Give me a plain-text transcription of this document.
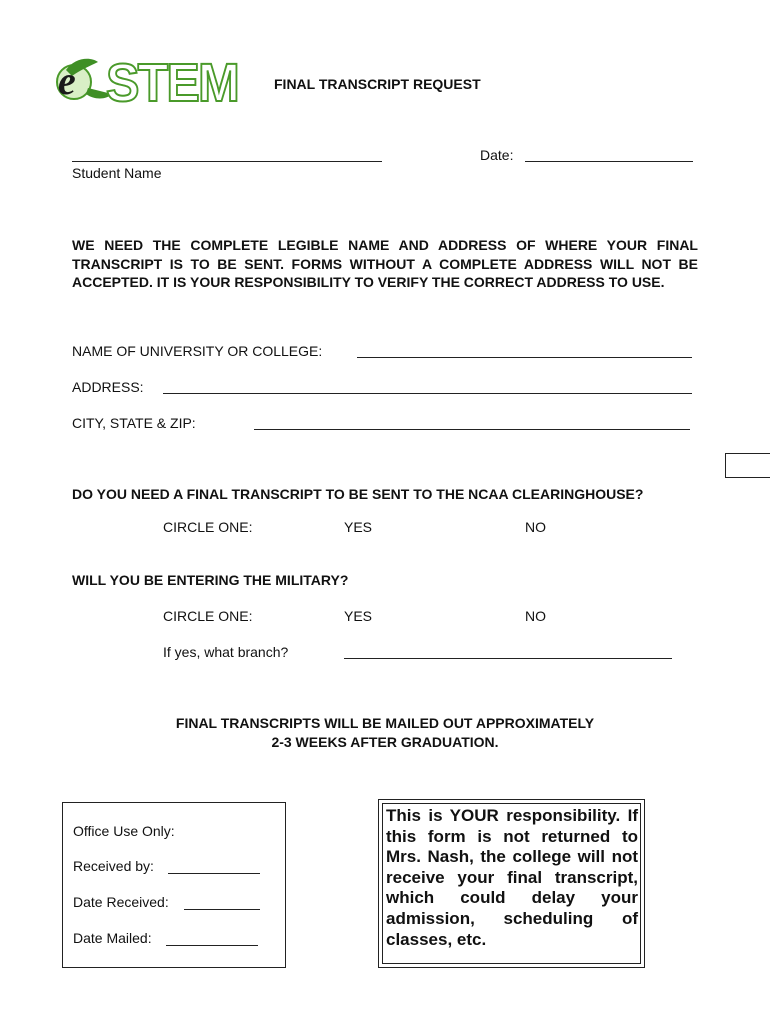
e STEM	FINAL TRANSCRIPT REQUEST
Student Name
Date:
WE NEED THE COMPLETE LEGIBLE NAME AND ADDRESS OF WHERE YOUR FINAL TRANSCRIPT IS TO BE SENT. FORMS WITHOUT A COMPLETE ADDRESS WILL NOT BE ACCEPTED. IT IS YOUR RESPONSIBILITY TO VERIFY THE CORRECT ADDRESS TO USE.
NAME OF UNIVERSITY OR COLLEGE:
ADDRESS:
CITY, STATE & ZIP:
DO YOU NEED A FINAL TRANSCRIPT TO BE SENT TO THE NCAA CLEARINGHOUSE?
CIRCLE ONE:	YES	NO
WILL YOU BE ENTERING THE MILITARY?
CIRCLE ONE:	YES	NO
If yes, what branch?
FINAL TRANSCRIPTS WILL BE MAILED OUT APPROXIMATELY
2-3 WEEKS AFTER GRADUATION.
Office Use Only:
Received by:
Date Received:
Date Mailed:
This is YOUR responsibility. If this form is not returned to Mrs. Nash, the college will not receive your final transcript, which could delay your admission, scheduling of classes, etc.
